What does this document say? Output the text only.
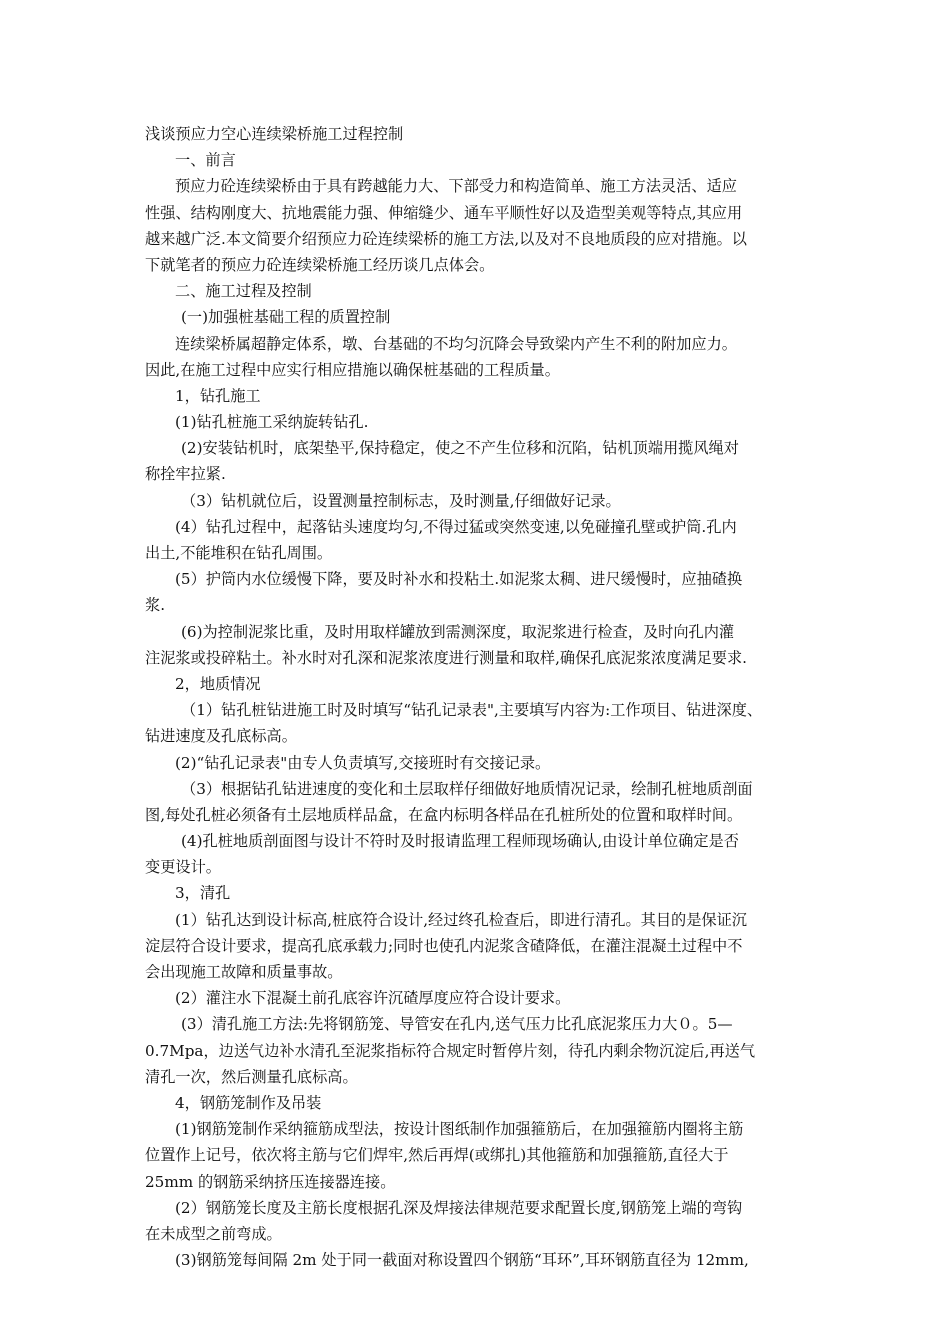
浅谈预应力空心连续梁桥施工过程控制
一、前言
预应力砼连续梁桥由于具有跨越能力大、下部受力和构造简单、施工方法灵活、适应
性强、结构刚度大、抗地震能力强、伸缩缝少、通车平顺性好以及造型美观等特点,其应用
越来越广泛.本文简要介绍预应力砼连续梁桥的施工方法,以及对不良地质段的应对措施。以
下就笔者的预应力砼连续梁桥施工经历谈几点体会。
二、施工过程及控制
(一)加强桩基础工程的质置控制
连续梁桥属超静定体系，墩、台基础的不均匀沉降会导致梁内产生不利的附加应力。
因此,在施工过程中应实行相应措施以确保桩基础的工程质量。
1，钻孔施工
(1)钻孔桩施工采纳旋转钻孔.
(2)安装钻机时，底架垫平,保持稳定，使之不产生位移和沉陷，钻机顶端用揽风绳对
称拴牢拉紧.
（3）钻机就位后，设置测量控制标志，及时测量,仔细做好记录。
(4）钻孔过程中，起落钻头速度均匀,不得过猛或突然变速,以免碰撞孔壁或护筒.孔内
出土,不能堆积在钻孔周围。
(5）护筒内水位缓慢下降，要及时补水和投粘土.如泥浆太稠、进尺缓慢时，应抽碴换
浆.
(6)为控制泥浆比重，及时用取样罐放到需测深度，取泥浆进行检查，及时向孔内灌
注泥浆或投碎粘土。补水时对孔深和泥浆浓度进行测量和取样,确保孔底泥浆浓度满足要求.
2，地质情况
（1）钻孔桩钻进施工时及时填写“钻孔记录表",主要填写内容为:工作项目、钻进深度、
钻进速度及孔底标高。
(2)“钻孔记录表"由专人负责填写,交接班时有交接记录。
（3）根据钻孔钻进速度的变化和土层取样仔细做好地质情况记录，绘制孔桩地质剖面
图,每处孔桩必须备有土层地质样品盒，在盒内标明各样品在孔桩所处的位置和取样时间。
(4)孔桩地质剖面图与设计不符时及时报请监理工程师现场确认,由设计单位确定是否
变更设计。
3，清孔
(1）钻孔达到设计标高,桩底符合设计,经过终孔检查后，即进行清孔。其目的是保证沉
淀层符合设计要求，提高孔底承载力;同时也使孔内泥浆含碴降低，在灌注混凝土过程中不
会出现施工故障和质量事故。
(2）灌注水下混凝土前孔底容许沉碴厚度应符合设计要求。
(3）清孔施工方法:先将钢筋笼、导管安在孔内,送气压力比孔底泥浆压力大０。5—
0.7Mpa，边送气边补水清孔至泥浆指标符合规定时暂停片刻，待孔内剩余物沉淀后,再送气
清孔一次，然后测量孔底标高。
4，钢筋笼制作及吊装
(1)钢筋笼制作采纳箍筋成型法，按设计图纸制作加强箍筋后，在加强箍筋内圈将主筋
位置作上记号，依次将主筋与它们焊牢,然后再焊(或绑扎)其他箍筋和加强箍筋,直径大于
25mm 的钢筋采纳挤压连接器连接。
(2）钢筋笼长度及主筋长度根据孔深及焊接法律规范要求配置长度,钢筋笼上端的弯钩
在未成型之前弯成。
(3)钢筋笼每间隔 2m 处于同一截面对称设置四个钢筋“耳环”,耳环钢筋直径为 12mm,
